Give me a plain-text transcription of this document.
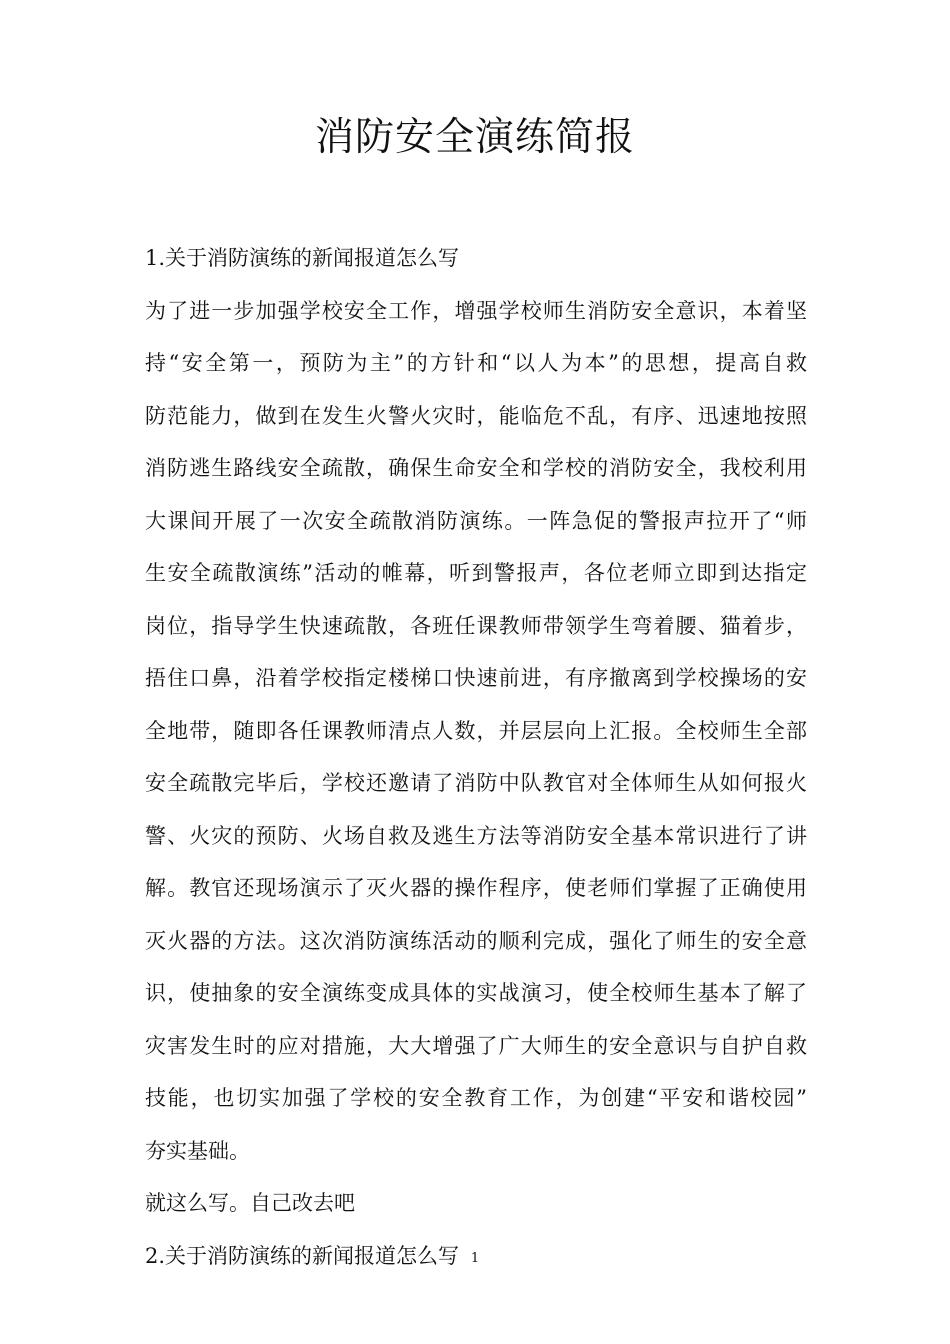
消防安全演练简报

1.关于消防演练的新闻报道怎么写

为了进一步加强学校安全工作，增强学校师生消防安全意识，本着坚

持“安全第一，预防为主”的方针和“以人为本”的思想，提高自救

防范能力，做到在发生火警火灾时，能临危不乱，有序、迅速地按照

消防逃生路线安全疏散，确保生命安全和学校的消防安全，我校利用

大课间开展了一次安全疏散消防演练。一阵急促的警报声拉开了“师

生安全疏散演练”活动的帷幕，听到警报声，各位老师立即到达指定

岗位，指导学生快速疏散，各班任课教师带领学生弯着腰、猫着步，

捂住口鼻，沿着学校指定楼梯口快速前进，有序撤离到学校操场的安

全地带，随即各任课教师清点人数，并层层向上汇报。全校师生全部

安全疏散完毕后，学校还邀请了消防中队教官对全体师生从如何报火

警、火灾的预防、火场自救及逃生方法等消防安全基本常识进行了讲

解。教官还现场演示了灭火器的操作程序，使老师们掌握了正确使用

灭火器的方法。这次消防演练活动的顺利完成，强化了师生的安全意

识，使抽象的安全演练变成具体的实战演习，使全校师生基本了解了

灾害发生时的应对措施，大大增强了广大师生的安全意识与自护自救

技能，也切实加强了学校的安全教育工作，为创建“平安和谐校园”

夯实基础。

就这么写。自己改去吧

2.关于消防演练的新闻报道怎么写 1
